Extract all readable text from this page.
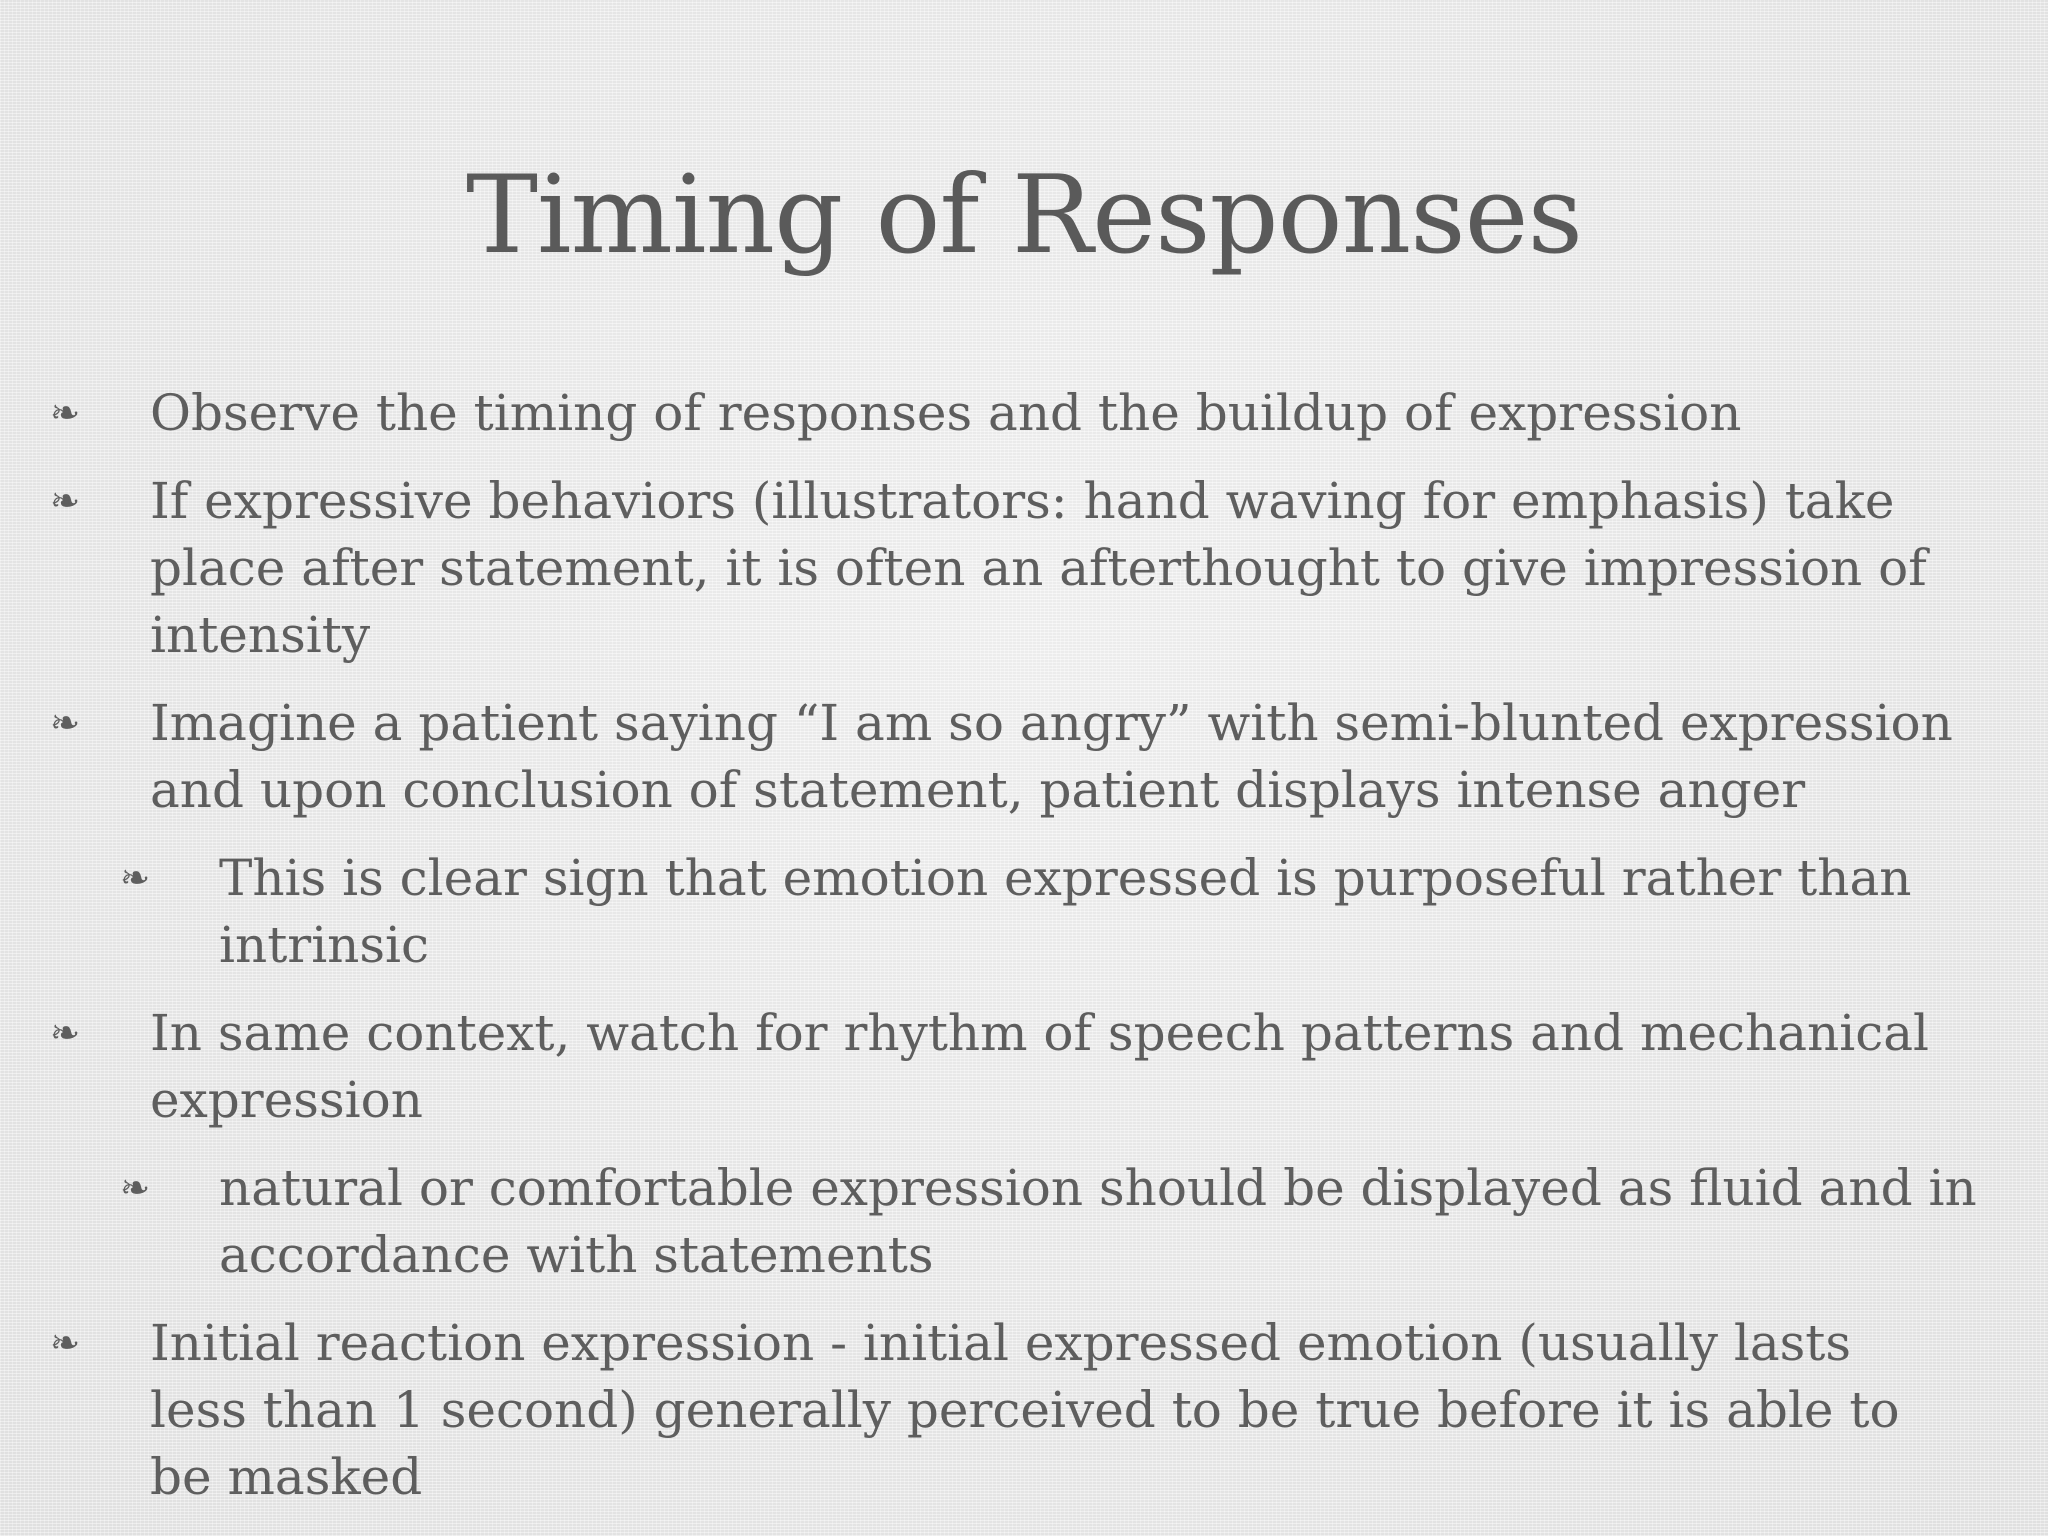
Timing of Responses
❧ Observe the timing of responses and the buildup of expression
❧ If expressive behaviors (illustrators: hand waving for emphasis) take place after statement, it is often an afterthought to give impression of intensity
❧ Imagine a patient saying “I am so angry” with semi-blunted expression and upon conclusion of statement, patient displays intense anger
❧ This is clear sign that emotion expressed is purposeful rather than intrinsic
❧ In same context, watch for rhythm of speech patterns and mechanical expression
❧ natural or comfortable expression should be displayed as fluid and in accordance with statements
❧ Initial reaction expression - initial expressed emotion (usually lasts less than 1 second) generally perceived to be true before it is able to be masked
